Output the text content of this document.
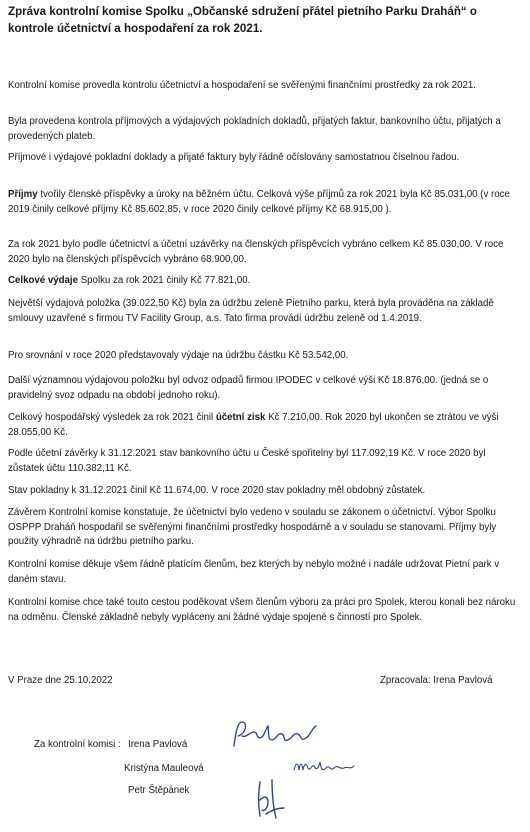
Zpráva kontrolní komise Spolku „Občanské sdružení přátel pietního Parku Draháň“ o kontrole účetnictví a hospodaření za rok 2021.
Kontrolní komise provedla kontrolu účetnictví a hospodaření se svěřenými finančními prostředky za rok 2021.
Byla provedena kontrola příjmových a výdajových pokladních dokladů, přijatých faktur, bankovního účtu, přijatých a provedených plateb.
Příjmové i výdajové pokladní doklady a přijaté faktury byly řádně očíslovány samostatnou číselnou řadou.
Příjmy tvořily členské příspěvky a úroky na běžném účtu. Celková výše příjmů za rok 2021 byla Kč 85.031,00 (v roce 2019 činily celkové příjmy Kč 85.602,85, v roce 2020 činily celkové příjmy Kč 68.915,00 ).
Za rok 2021 bylo podle účetnictví a účetní uzávěrky na členských příspěvcích vybráno celkem Kč 85.030,00. V roce 2020 bylo na členských příspěvcích vybráno 68.900,00.
Celkové výdaje Spolku za rok 2021 činily Kč 77.821,00.
Největší výdajová položka (39.022,50 Kč) byla za údržbu zeleně Pietního parku, která byla prováděna na základě smlouvy uzavřené s firmou TV Facility Group, a.s. Tato firma provádí údržbu zeleně od 1.4.2019.
Pro srovnání v roce 2020 představovaly výdaje na údržbu částku Kč 53.542,00.
Další významnou výdajovou položku byl odvoz odpadů firmou IPODEC v celkové výši Kč 18.876,00. (jedná se o pravidelný svoz odpadu na období jednoho roku).
Celkový hospodářský výsledek za rok 2021 činil účetní zisk Kč 7.210,00. Rok 2020 byl ukončen se ztrátou ve výši 28.055,00 Kč.
Podle účetní závěrky k 31.12.2021 stav bankovního účtu u České spořitelny byl 117.092,19 Kč. V roce 2020 byl zůstatek účtu 110.382,11 Kč.
Stav pokladny k 31.12.2021 činil Kč 11.674,00. V roce 2020 stav pokladny měl obdobný zůstatek.
Závěrem Kontrolní komise konstatuje, že účetnictví bylo vedeno v souladu se zákonem o účetnictví. Výbor Spolku OSPPP Draháň hospodařil se svěřenými finančními prostředky hospodárně a v souladu se stanovami. Příjmy byly použity výhradně na údržbu pietního parku.
Kontrolní komise děkuje všem řádně platícím členům, bez kterých by nebylo možné i nadále udržovat Pietní park v daném stavu.
Kontrolní komise chce také touto cestou poděkovat všem členům výboru za práci pro Spolek, kterou konali bez nároku na odměnu. Členské základně nebyly vypláceny ani žádné výdaje spojené s činností pro Spolek.
V Praze dne 25.10.2022	Zpracovala: Irena Pavlová
Za kontrolní komisi : Irena Pavlová
Kristýna Mauleová
Petr Štěpánek
